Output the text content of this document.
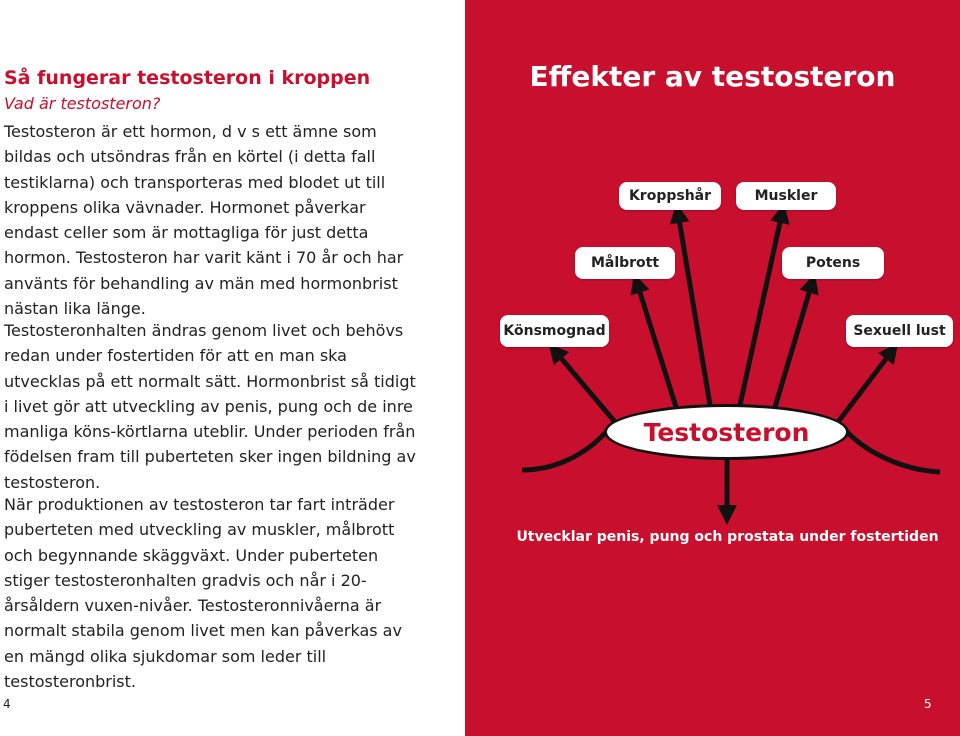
Så fungerar testosteron i kroppen
Vad är testosteron?

Testosteron är ett hormon, d v s ett ämne som bildas och utsöndras från en körtel (i detta fall testiklarna) och transporteras med blodet ut till kroppens olika vävnader. Hormonet påverkar endast celler som är mottagliga för just detta hormon. Testosteron har varit känt i 70 år och har använts för behandling av män med hormonbrist nästan lika länge.

Testosteronhalten ändras genom livet och behövs redan under fostertiden för att en man ska utvecklas på ett normalt sätt. Hormonbrist så tidigt i livet gör att utveckling av penis, pung och de inre manliga köns-körtlarna uteblir. Under perioden från födelsen fram till puberteten sker ingen bildning av testosteron.

När produktionen av testosteron tar fart inträder puberteten med utveckling av muskler, målbrott och begynnande skäggväxt. Under puberteten stiger testosteronhalten gradvis och når i 20-årsåldern vuxen-nivåer. Testosteronnivåerna är normalt stabila genom livet men kan påverkas av en mängd olika sjukdomar som leder till testosteronbrist.

4
Effekter av testosteron
Kroppshår	Muskler
Målbrott	Potens
Könsmognad	Sexuell lust
Testosteron
Utvecklar penis, pung och prostata under fostertiden
5
